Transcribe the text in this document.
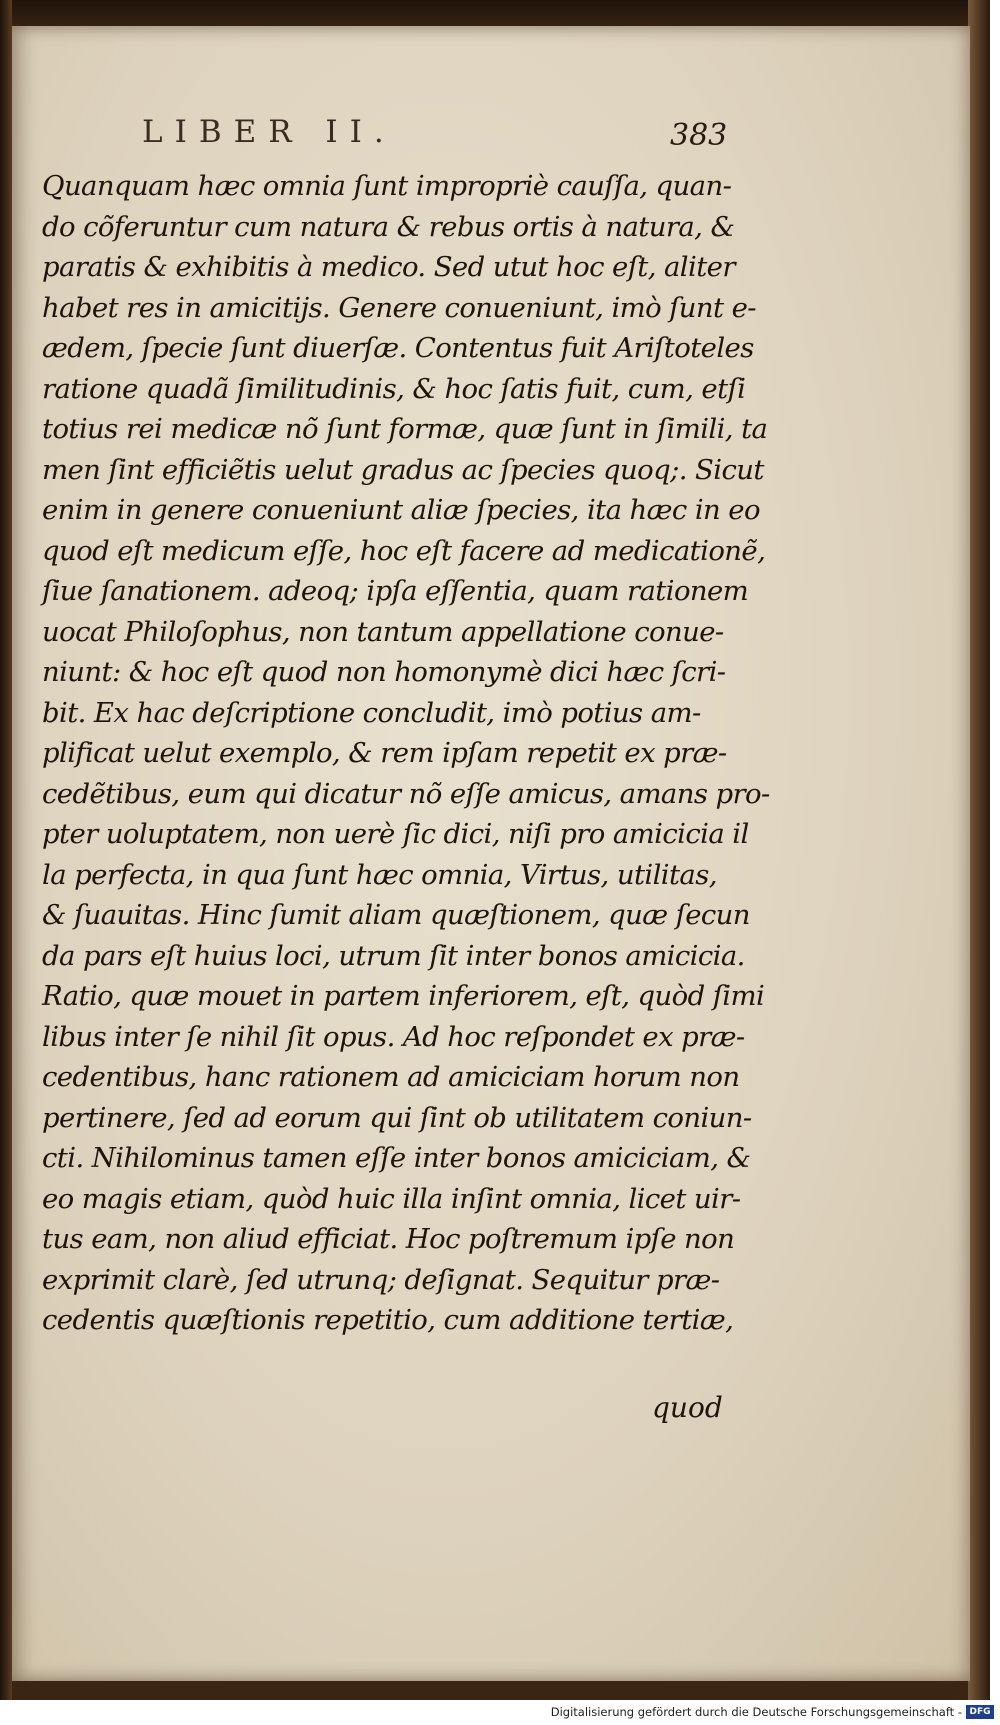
LIBER II.	383
Quanquam hæc omnia ſunt impropriè cauſſa, quan-
do cõferuntur cum natura & rebus ortis à natura, &
paratis & exhibitis à medico. Sed utut hoc eſt, aliter
habet res in amicitijs. Genere conueniunt, imò ſunt e-
ædem, ſpecie ſunt diuerſæ. Contentus fuit Ariſtoteles
ratione quadã ſimilitudinis, & hoc ſatis fuit, cum, etſi
totius rei medicæ nõ ſunt formæ, quæ ſunt in ſimili, ta
men ſint efficiẽtis uelut gradus ac ſpecies quoq;. Sicut
enim in genere conueniunt aliæ ſpecies, ita hæc in eo
quod eſt medicum eſſe, hoc eſt facere ad medicationẽ,
ſiue ſanationem. adeoq; ipſa eſſentia, quam rationem
uocat Philoſophus, non tantum appellatione conue-
niunt: & hoc eſt quod non homonymè dici hæc ſcri-
bit. Ex hac deſcriptione concludit, imò potius am-
plificat uelut exemplo, & rem ipſam repetit ex præ-
cedẽtibus, eum qui dicatur nõ eſſe amicus, amans pro-
pter uoluptatem, non uerè ſic dici, niſi pro amicicia il
la perfecta, in qua ſunt hæc omnia, Virtus, utilitas,
& ſuauitas. Hinc ſumit aliam quæſtionem, quæ ſecun
da pars eſt huius loci, utrum ſit inter bonos amicicia.
Ratio, quæ mouet in partem inferiorem, eſt, quòd ſimi
libus inter ſe nihil ſit opus. Ad hoc reſpondet ex præ-
cedentibus, hanc rationem ad amiciciam horum non
pertinere, ſed ad eorum qui ſint ob utilitatem coniun-
cti. Nihilominus tamen eſſe inter bonos amiciciam, &
eo magis etiam, quòd huic illa inſint omnia, licet uir-
tus eam, non aliud efficiat. Hoc poſtremum ipſe non
exprimit clarè, ſed utrunq; deſignat. Sequitur præ-
cedentis quæſtionis repetitio, cum additione tertiæ,
quod
Digitalisierung gefördert durch die Deutsche Forschungsgemeinschaft - DFG
